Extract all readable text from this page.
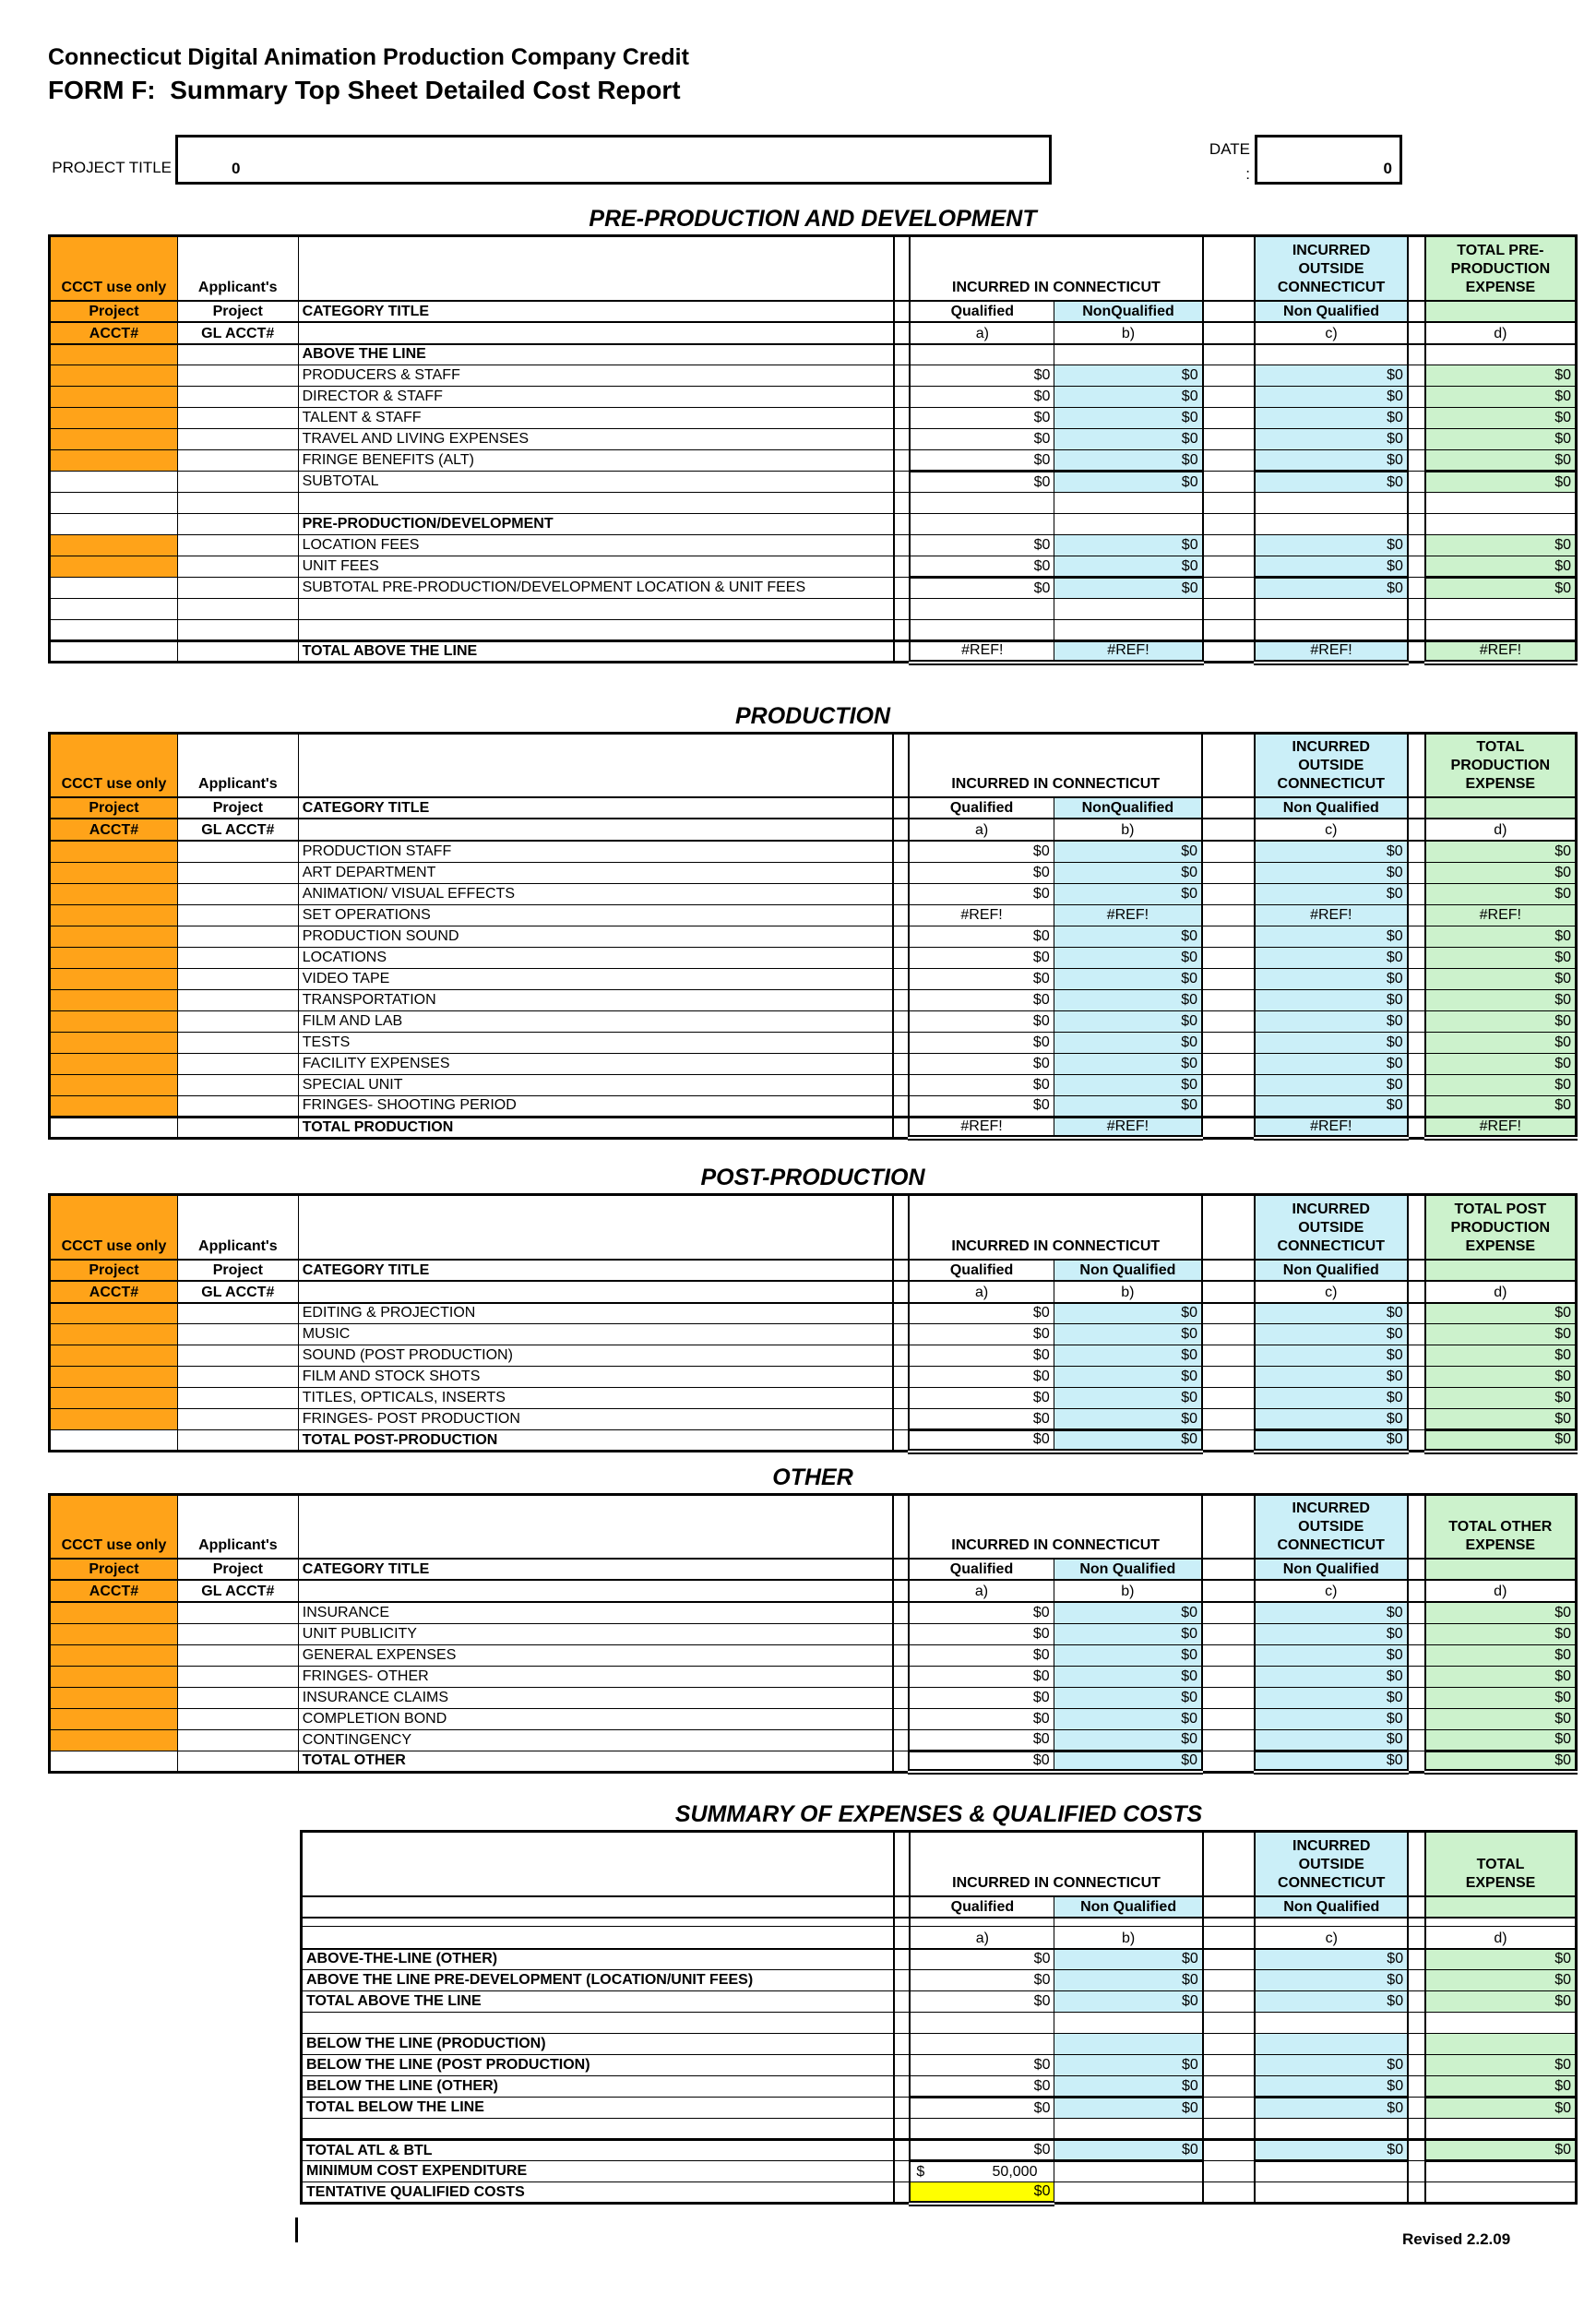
Connecticut Digital Animation Production Company Credit
FORM F:  Summary Top Sheet Detailed Cost Report
PROJECT TITLE	0
DATE
:	0
PRE-PRODUCTION AND DEVELOPMENT
CCCT use only	Applicant's			INCURRED IN CONNECTICUT			INCURRED
OUTSIDE
CONNECTICUT		TOTAL PRE-
PRODUCTION
EXPENSE
Project	Project	CATEGORY TITLE		Qualified	NonQualified		Non Qualified		
ACCT#	GL ACCT#			a)	b)		c)		d)
		ABOVE THE LINE							
		PRODUCERS & STAFF		$0	$0		$0		$0
		DIRECTOR & STAFF		$0	$0		$0		$0
		TALENT & STAFF		$0	$0		$0		$0
		TRAVEL AND LIVING EXPENSES		$0	$0		$0		$0
		FRINGE BENEFITS (ALT)		$0	$0		$0		$0
		SUBTOTAL		$0	$0		$0		$0

		PRE-PRODUCTION/DEVELOPMENT							
		LOCATION FEES		$0	$0		$0		$0
		UNIT FEES		$0	$0		$0		$0
		SUBTOTAL PRE-PRODUCTION/DEVELOPMENT LOCATION & UNIT FEES		$0	$0		$0		$0

		TOTAL ABOVE THE LINE		#REF!	#REF!		#REF!		#REF!
PRODUCTION
CCCT use only	Applicant's			INCURRED IN CONNECTICUT			INCURRED
OUTSIDE
CONNECTICUT		TOTAL
PRODUCTION
EXPENSE
Project	Project	CATEGORY TITLE		Qualified	NonQualified		Non Qualified		
ACCT#	GL ACCT#			a)	b)		c)		d)
		PRODUCTION STAFF		$0	$0		$0		$0
		ART DEPARTMENT		$0	$0		$0		$0
		ANIMATION/ VISUAL EFFECTS		$0	$0		$0		$0
		SET OPERATIONS		#REF!	#REF!		#REF!		#REF!
		PRODUCTION SOUND		$0	$0		$0		$0
		LOCATIONS		$0	$0		$0		$0
		VIDEO TAPE		$0	$0		$0		$0
		TRANSPORTATION		$0	$0		$0		$0
		FILM AND LAB		$0	$0		$0		$0
		TESTS		$0	$0		$0		$0
		FACILITY EXPENSES		$0	$0		$0		$0
		SPECIAL UNIT		$0	$0		$0		$0
		FRINGES- SHOOTING PERIOD		$0	$0		$0		$0
		TOTAL PRODUCTION		#REF!	#REF!		#REF!		#REF!
POST-PRODUCTION
CCCT use only	Applicant's			INCURRED IN CONNECTICUT			INCURRED
OUTSIDE
CONNECTICUT		TOTAL POST
PRODUCTION
EXPENSE
Project	Project	CATEGORY TITLE		Qualified	Non Qualified		Non Qualified		
ACCT#	GL ACCT#			a)	b)		c)		d)
		EDITING & PROJECTION		$0	$0		$0		$0
		MUSIC		$0	$0		$0		$0
		SOUND (POST PRODUCTION)		$0	$0		$0		$0
		FILM AND STOCK SHOTS		$0	$0		$0		$0
		TITLES, OPTICALS, INSERTS		$0	$0		$0		$0
		FRINGES- POST PRODUCTION		$0	$0		$0		$0
		TOTAL POST-PRODUCTION		$0	$0		$0		$0
OTHER
CCCT use only	Applicant's			INCURRED IN CONNECTICUT			INCURRED
OUTSIDE
CONNECTICUT		TOTAL OTHER
EXPENSE
Project	Project	CATEGORY TITLE		Qualified	Non Qualified		Non Qualified		
ACCT#	GL ACCT#			a)	b)		c)		d)
		INSURANCE		$0	$0		$0		$0
		UNIT PUBLICITY		$0	$0		$0		$0
		GENERAL EXPENSES		$0	$0		$0		$0
		FRINGES- OTHER		$0	$0		$0		$0
		INSURANCE CLAIMS		$0	$0		$0		$0
		COMPLETION BOND		$0	$0		$0		$0
		CONTINGENCY		$0	$0		$0		$0
		TOTAL OTHER		$0	$0		$0		$0
SUMMARY OF EXPENSES & QUALIFIED COSTS
		INCURRED IN CONNECTICUT			INCURRED
OUTSIDE
CONNECTICUT		TOTAL
EXPENSE
		Qualified	Non Qualified		Non Qualified		

		a)	b)		c)		d)
ABOVE-THE-LINE (OTHER)		$0	$0		$0		$0
ABOVE THE LINE PRE-DEVELOPMENT (LOCATION/UNIT FEES)		$0	$0		$0		$0
TOTAL ABOVE THE LINE		$0	$0		$0		$0

BELOW THE LINE (PRODUCTION)							
BELOW THE LINE (POST PRODUCTION)		$0	$0		$0		$0
BELOW THE LINE (OTHER)		$0	$0		$0		$0
TOTAL BELOW THE LINE		$0	$0		$0		$0

TOTAL ATL & BTL		$0	$0		$0		$0
MINIMUM COST EXPENDITURE		$ 50,000					

TENTATIVE QUALIFIED COSTS		$0					
Revised 2.2.09
